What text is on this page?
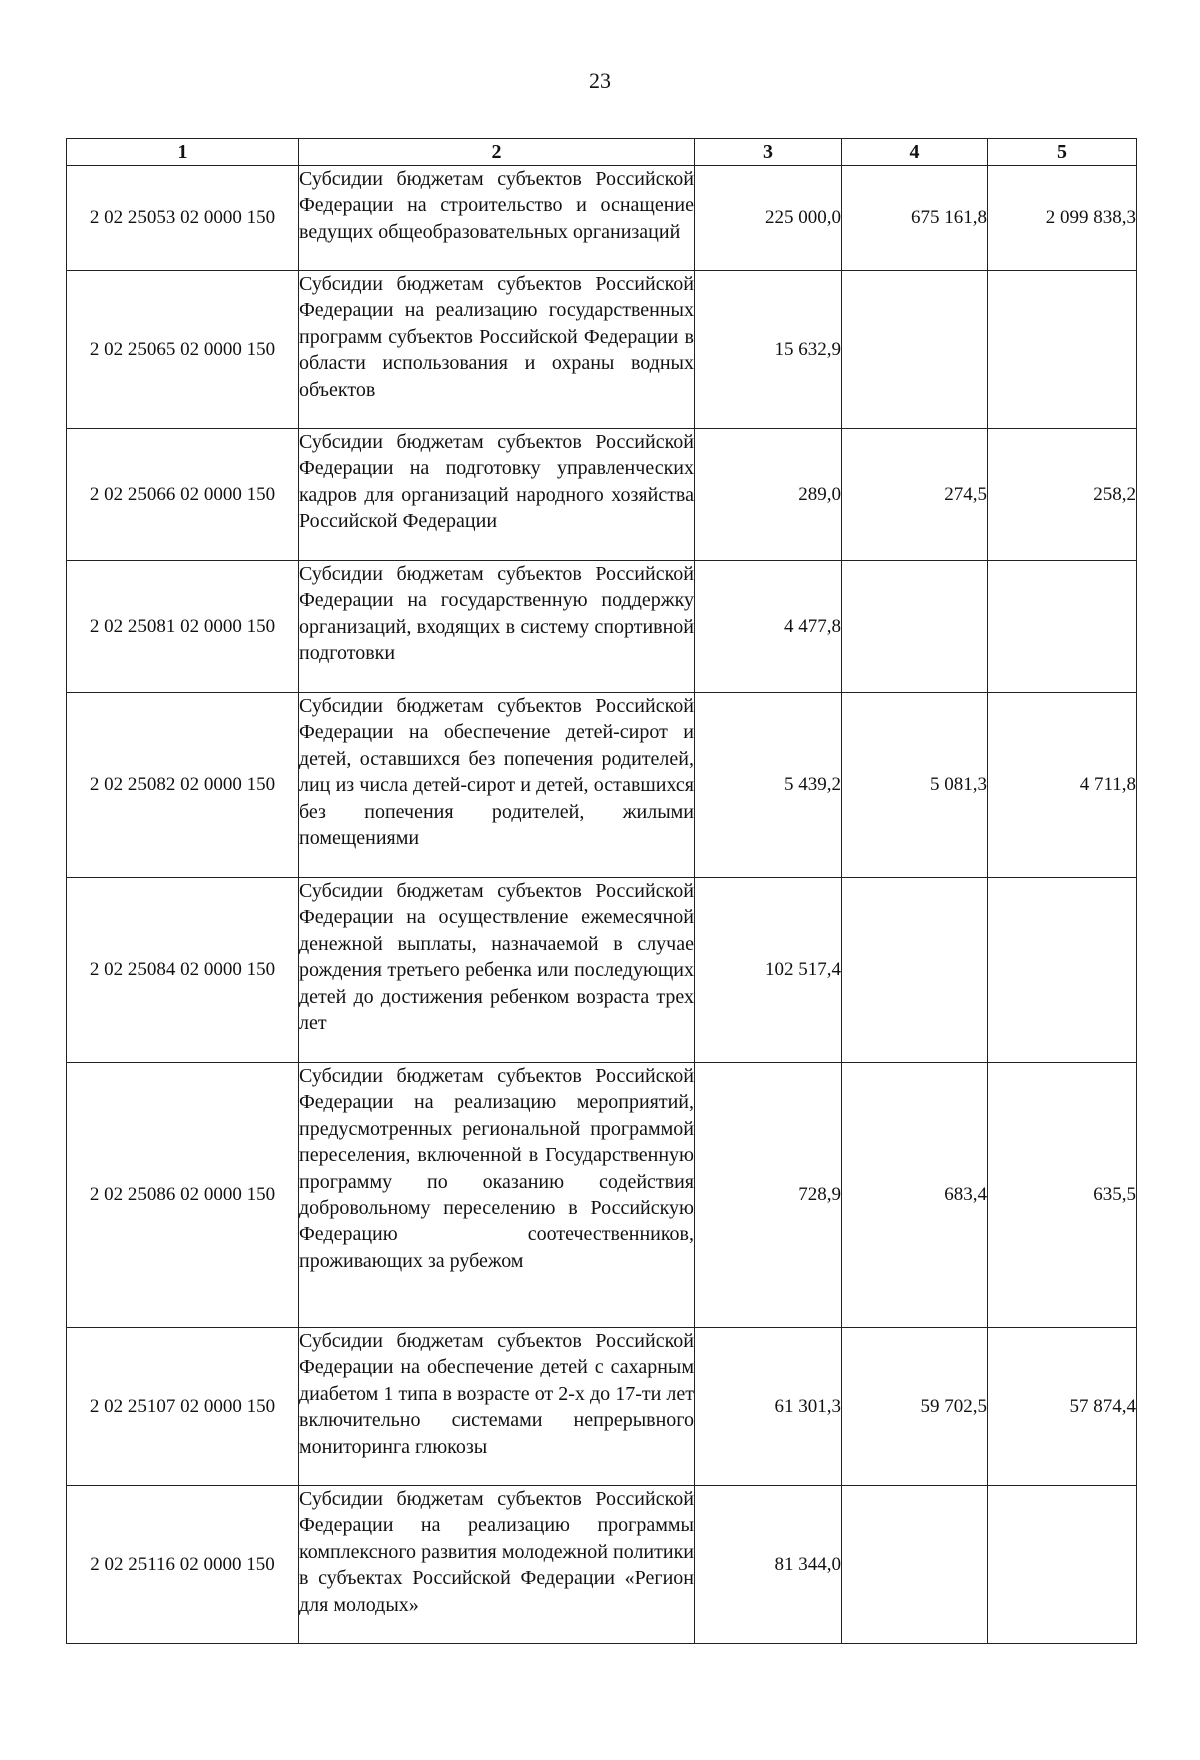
23
1	2	3	4	5
2 02 25053 02 0000 150	Субсидии бюджетам субъектов Российской Федерации на строительство и оснащение ведущих общеобразовательных организаций	225 000,0	675 161,8	2 099 838,3
2 02 25065 02 0000 150	Субсидии бюджетам субъектов Российской Федерации на реализацию государственных программ субъектов Российской Федерации в области использования и охраны водных объектов	15 632,9		
2 02 25066 02 0000 150	Субсидии бюджетам субъектов Российской Федерации на подготовку управленческих кадров для организаций народного хозяйства Российской Федерации	289,0	274,5	258,2
2 02 25081 02 0000 150	Субсидии бюджетам субъектов Российской Федерации на государственную поддержку организаций, входящих в систему спортивной подготовки	4 477,8		
2 02 25082 02 0000 150	Субсидии бюджетам субъектов Российской Федерации на обеспечение детей-сирот и детей, оставшихся без попечения родителей, лиц из числа детей-сирот и детей, оставшихся без попечения родителей, жилыми помещениями	5 439,2	5 081,3	4 711,8
2 02 25084 02 0000 150	Субсидии бюджетам субъектов Российской Федерации на осуществление ежемесячной денежной выплаты, назначаемой в случае рождения третьего ребенка или последующих детей до достижения ребенком возраста трех лет	102 517,4		
2 02 25086 02 0000 150	Субсидии бюджетам субъектов Российской Федерации на реализацию мероприятий, предусмотренных региональной программой переселения, включенной в Государственную программу по оказанию содействия добровольному переселению в Российскую Федерацию соотечественников, проживающих за рубежом	728,9	683,4	635,5
2 02 25107 02 0000 150	Субсидии бюджетам субъектов Российской Федерации на обеспечение детей с сахарным диабетом 1 типа в возрасте от 2-х до 17-ти лет включительно системами непрерывного мониторинга глюкозы	61 301,3	59 702,5	57 874,4
2 02 25116 02 0000 150	Субсидии бюджетам субъектов Российской Федерации на реализацию программы комплексного развития молодежной политики в субъектах Российской Федерации «Регион для молодых»	81 344,0		
